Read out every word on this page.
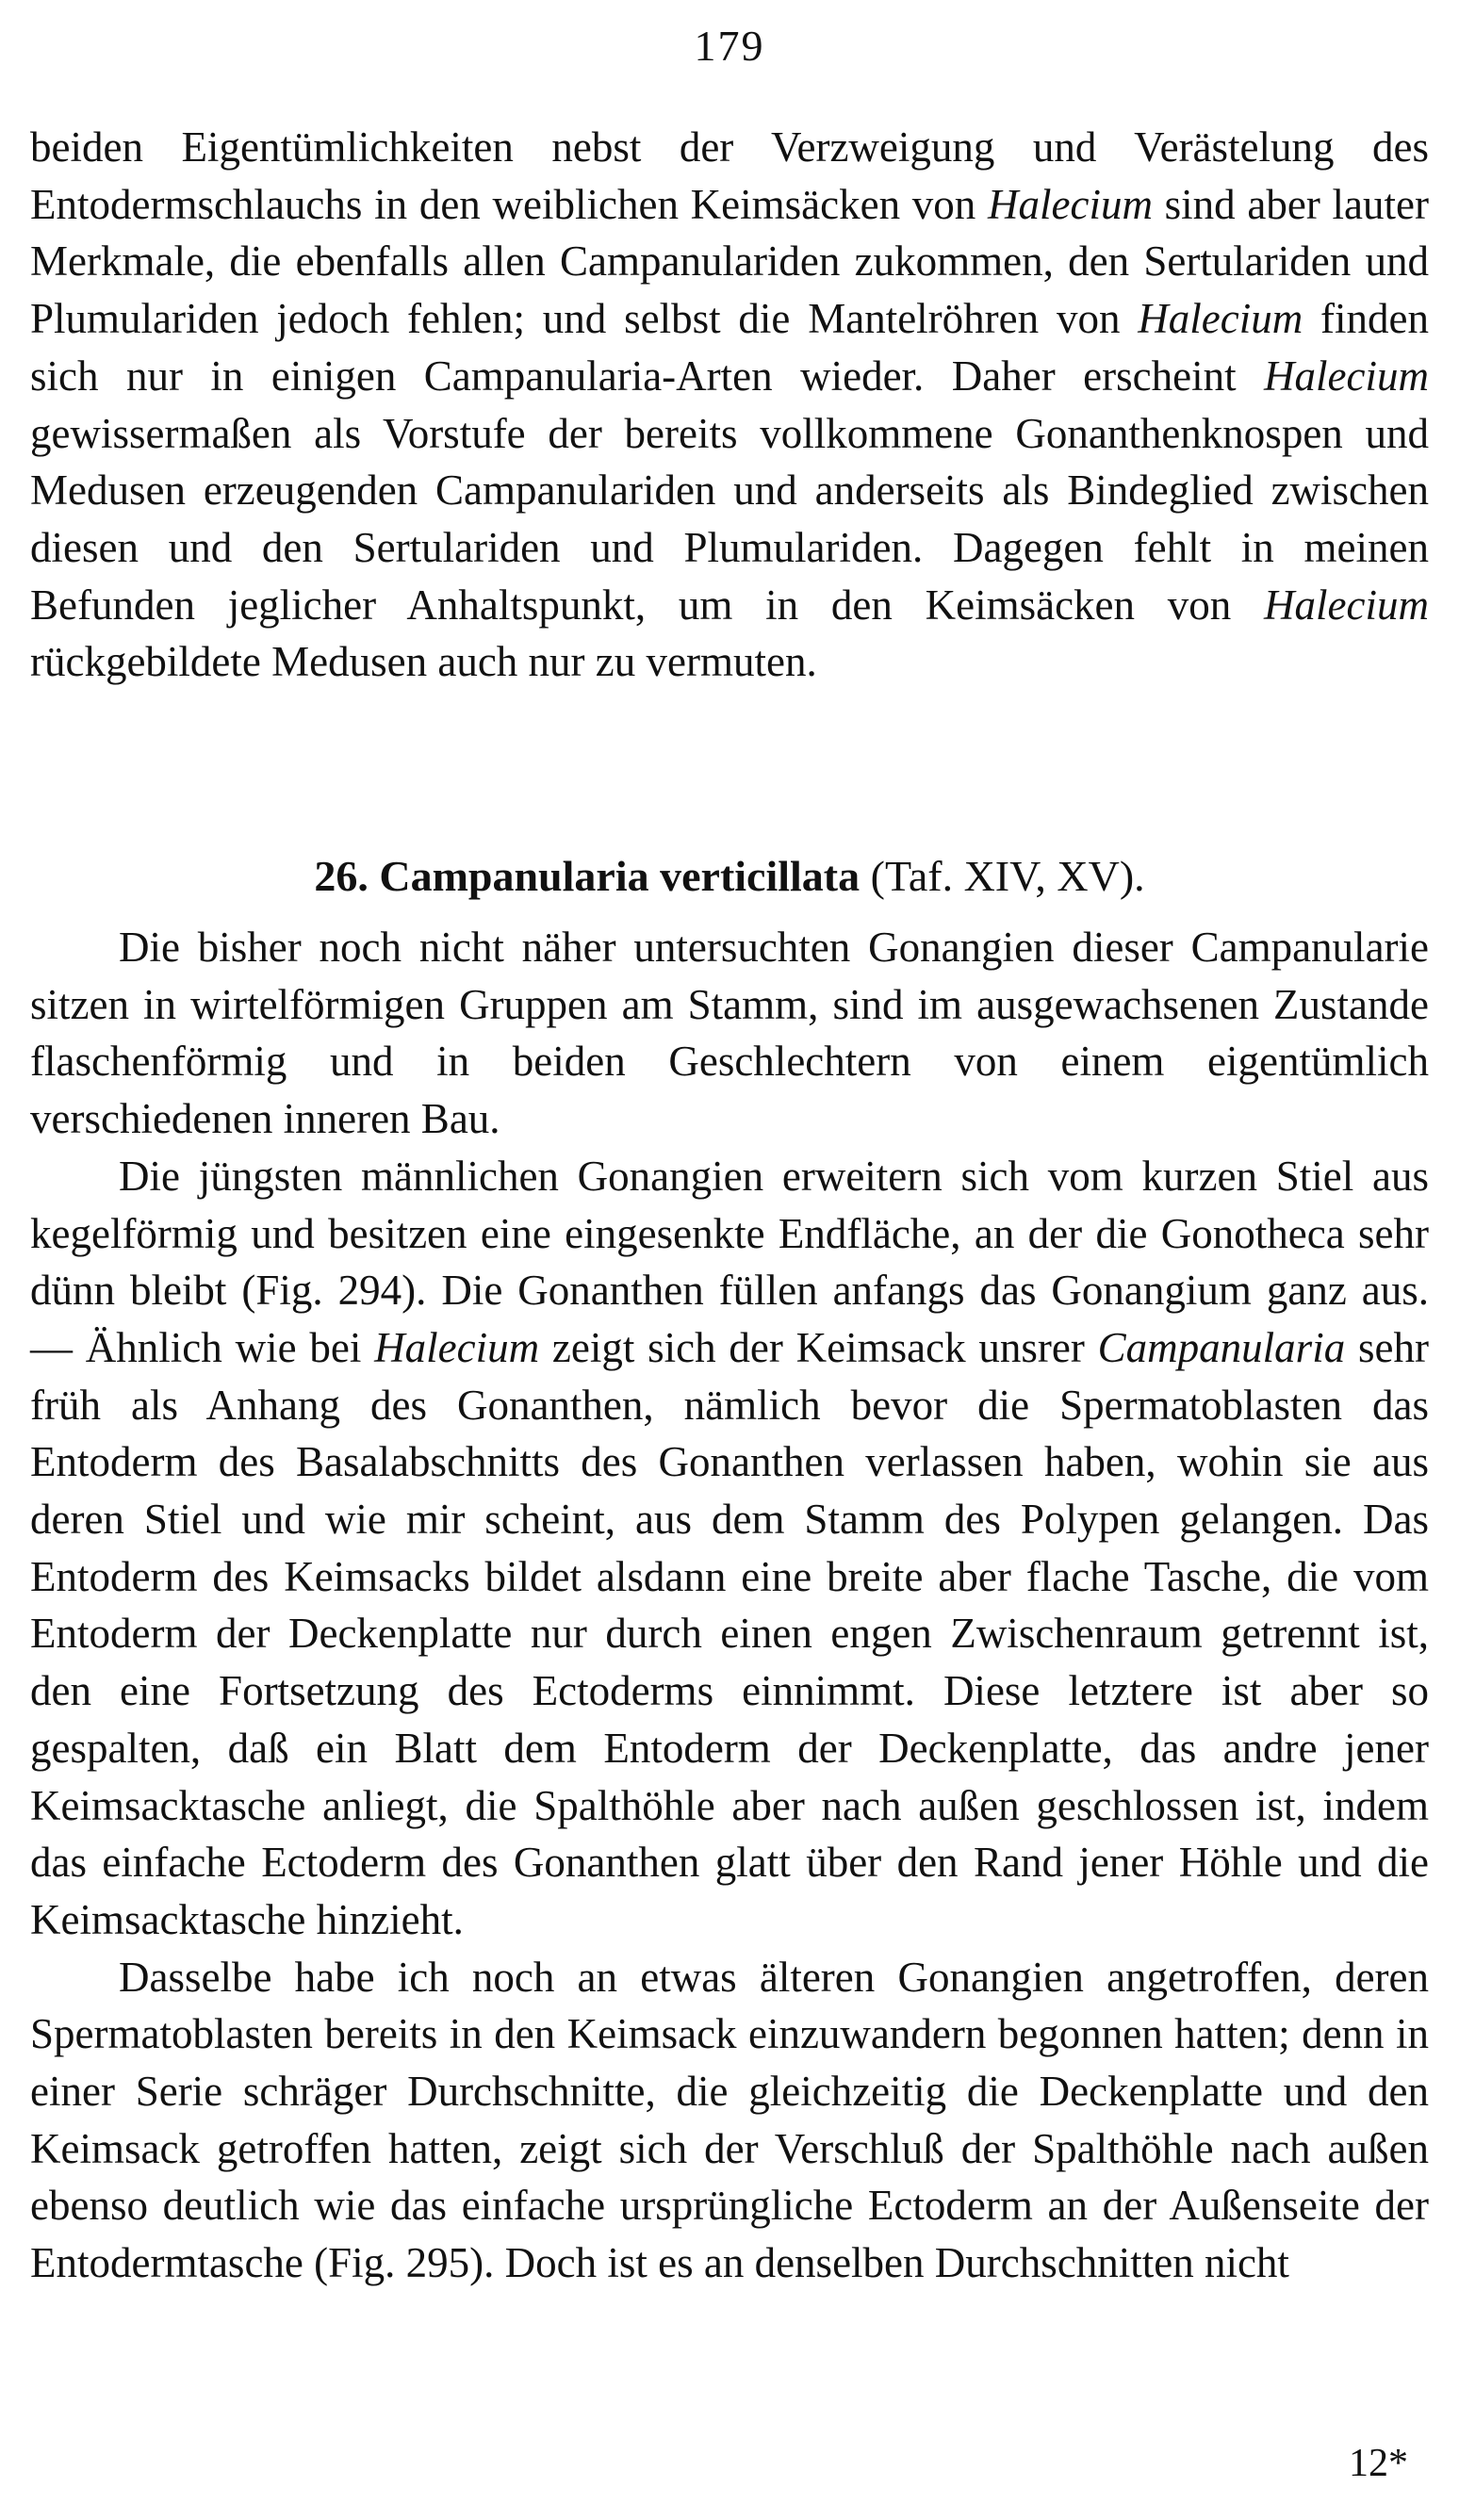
179

beiden Eigentümlichkeiten nebst der Verzweigung und Verästelung des Entodermschlauchs in den weiblichen Keimsäcken von Halecium sind aber lauter Merkmale, die ebenfalls allen Campanulariden zukommen, den Sertulariden und Plumulariden jedoch fehlen; und selbst die Mantelröhren von Halecium finden sich nur in einigen Campanularia-Arten wieder. Daher erscheint Halecium gewissermaßen als Vorstufe der bereits vollkommene Gonanthenknospen und Medusen erzeugenden Campanulariden und anderseits als Bindeglied zwischen diesen und den Sertulariden und Plumulariden. Dagegen fehlt in meinen Befunden jeglicher Anhaltspunkt, um in den Keimsäcken von Halecium rückgebildete Medusen auch nur zu vermuten.

26. Campanularia verticillata (Taf. XIV, XV).

Die bisher noch nicht näher untersuchten Gonangien dieser Campanularie sitzen in wirtelförmigen Gruppen am Stamm, sind im ausgewachsenen Zustande flaschenförmig und in beiden Geschlechtern von einem eigentümlich verschiedenen inneren Bau.

Die jüngsten männlichen Gonangien erweitern sich vom kurzen Stiel aus kegelförmig und besitzen eine eingesenkte Endfläche, an der die Gonotheca sehr dünn bleibt (Fig. 294). Die Gonanthen füllen anfangs das Gonangium ganz aus. — Ähnlich wie bei Halecium zeigt sich der Keimsack unsrer Campanularia sehr früh als Anhang des Gonanthen, nämlich bevor die Spermatoblasten das Entoderm des Basalabschnitts des Gonanthen verlassen haben, wohin sie aus deren Stiel und wie mir scheint, aus dem Stamm des Polypen gelangen. Das Entoderm des Keimsacks bildet alsdann eine breite aber flache Tasche, die vom Entoderm der Deckenplatte nur durch einen engen Zwischenraum getrennt ist, den eine Fortsetzung des Ectoderms einnimmt. Diese letztere ist aber so gespalten, daß ein Blatt dem Entoderm der Deckenplatte, das andre jener Keimsacktasche anliegt, die Spalthöhle aber nach außen geschlossen ist, indem das einfache Ectoderm des Gonanthen glatt über den Rand jener Höhle und die Keimsacktasche hinzieht.

Dasselbe habe ich noch an etwas älteren Gonangien angetroffen, deren Spermatoblasten bereits in den Keimsack einzuwandern begonnen hatten; denn in einer Serie schräger Durchschnitte, die gleichzeitig die Deckenplatte und den Keimsack getroffen hatten, zeigt sich der Verschluß der Spalthöhle nach außen ebenso deutlich wie das einfache ursprüngliche Ectoderm an der Außenseite der Entodermtasche (Fig. 295). Doch ist es an denselben Durchschnitten nicht

12*
